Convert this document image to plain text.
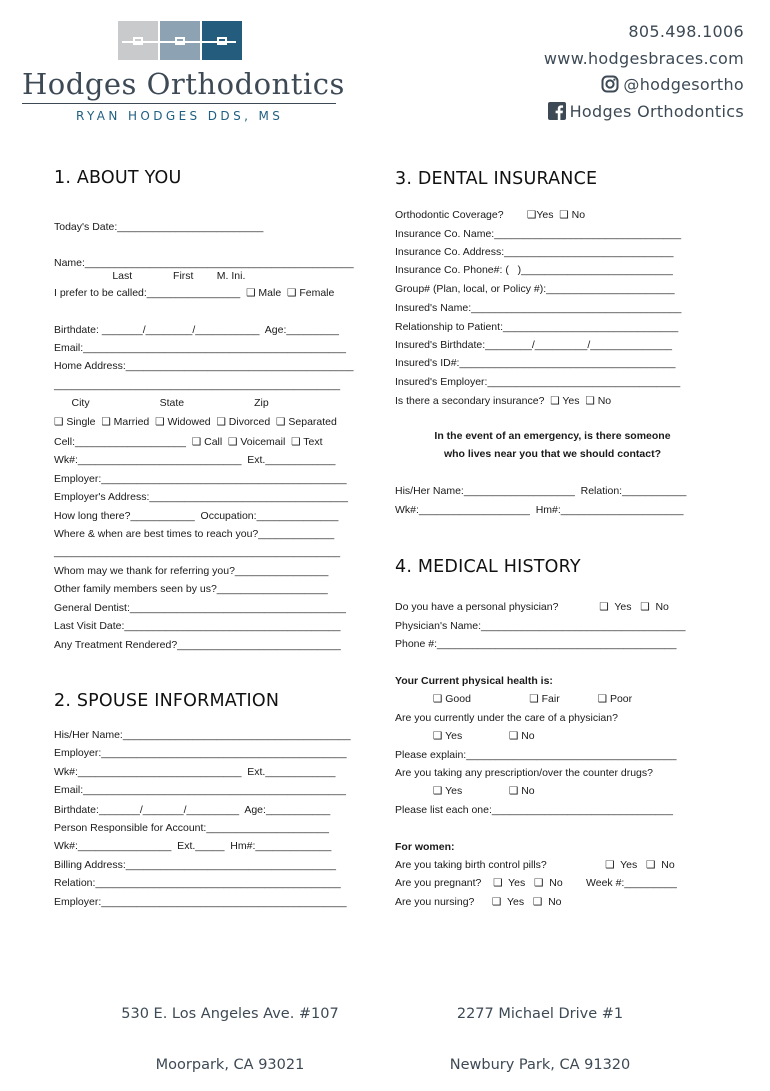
Hodges Orthodontics
RYAN HODGES DDS, MS
805.498.1006
www.hodgesbraces.com
@hodgesortho
Hodges Orthodontics
1. ABOUT YOU
2. SPOUSE INFORMATION
3. DENTAL INSURANCE
4. MEDICAL HISTORY
Today's Date:_________________________
Name:______________________________________________
Last              First        M. Ini.
I prefer to be called:________________  ❑ Male  ❑ Female
Birthdate: _______/________/___________  Age:_________
Email:_____________________________________________
Home Address:_______________________________________
_________________________________________________
City                        State                        Zip
❑ Single  ❑ Married  ❑ Widowed  ❑ Divorced  ❑ Separated
Cell:___________________  ❑ Call  ❑ Voicemail  ❑ Text
Wk#:____________________________  Ext.____________
Employer:__________________________________________
Employer's Address:__________________________________
How long there?___________  Occupation:______________
Where & when are best times to reach you?_____________
_________________________________________________
Whom may we thank for referring you?________________
Other family members seen by us?___________________
General Dentist:_____________________________________
Last Visit Date:_____________________________________
Any Treatment Rendered?____________________________
His/Her Name:_______________________________________
Employer:__________________________________________
Wk#:____________________________  Ext.____________
Email:_____________________________________________
Birthdate:_______/_______/_________  Age:___________
Person Responsible for Account:_____________________
Wk#:________________  Ext._____  Hm#:_____________
Billing Address:____________________________________
Relation:__________________________________________
Employer:__________________________________________
Orthodontic Coverage?        ❑Yes  ❑ No
Insurance Co. Name:________________________________
Insurance Co. Address:_____________________________
Insurance Co. Phone#: (   )__________________________
Group# (Plan, local, or Policy #):______________________
Insured's Name:____________________________________
Relationship to Patient:______________________________
Insured's Birthdate:________/_________/______________
Insured's ID#:_____________________________________
Insured's Employer:_________________________________
Is there a secondary insurance?  ❑ Yes  ❑ No
In the event of an emergency, is there someone
who lives near you that we should contact?
His/Her Name:___________________  Relation:___________
Wk#:___________________  Hm#:_____________________
Do you have a personal physician?              ❑  Yes   ❑  No
Physician's Name:___________________________________
Phone #:_________________________________________
Your Current physical health is:
❑ Good                    ❑ Fair             ❑ Poor
Are you currently under the care of a physician?
❑ Yes                ❑ No
Please explain:____________________________________
Are you taking any prescription/over the counter drugs?
❑ Yes                ❑ No
Please list each one:_______________________________
For women:
Are you taking birth control pills?                    ❑  Yes   ❑  No
Are you pregnant?    ❑  Yes   ❑  No        Week #:_________
Are you nursing?      ❑  Yes   ❑  No

530 E. Los Angeles Ave. #107

Moorpark, CA 93021

2277 Michael Drive #1

Newbury Park, CA 91320
